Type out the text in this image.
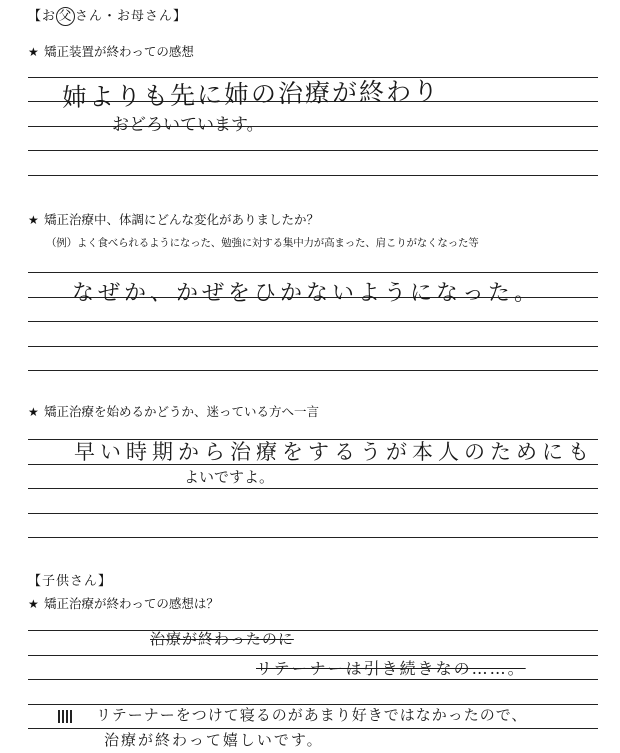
【お 父 さん・お母さん】
★ 矯正装置が終わっての感想
姉よりも先に姉の治療が終わり
おどろいています。
★ 矯正治療中、体調にどんな変化がありましたか？
（例）よく食べられるようになった、勉強に対する集中力が高まった、肩こりがなくなった等
なぜか、かぜをひかないようになった。
★ 矯正治療を始めるかどうか、迷っている方へ一言
早い時期から治療をするうが本人のためにも
よいですよ。
【子供さん】
★ 矯正治療が終わっての感想は？
治療が終わったのに
リテーナーは引き続きなの……。
リテーナーをつけて寝るのがあまり好きではなかったので、
治療が終わって嬉しいです。
